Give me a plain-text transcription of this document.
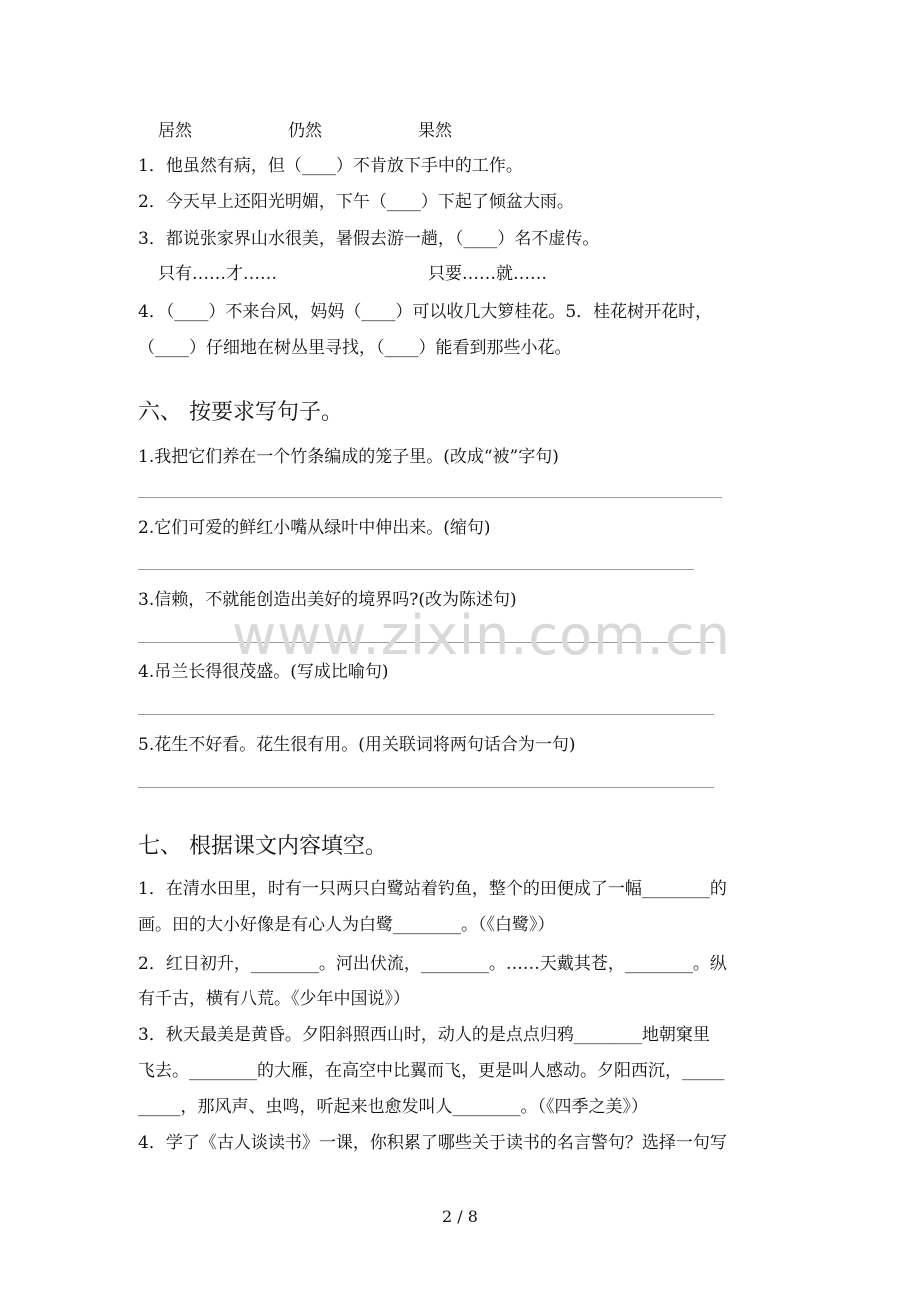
居然	仍然	果然
1．他虽然有病，但（____）不肯放下手中的工作。
2．今天早上还阳光明媚，下午（____）下起了倾盆大雨。
3．都说张家界山水很美，暑假去游一趟，（____）名不虚传。
只有……才……	只要……就……
4．（____）不来台风，妈妈（____）可以收几大箩桂花。5．桂花树开花时，
（____）仔细地在树丛里寻找，（____）能看到那些小花。
六、 按要求写句子。
1.我把它们养在一个竹条编成的笼子里。(改成“被”字句)
2.它们可爱的鲜红小嘴从绿叶中伸出来。(缩句)
3.信赖，不就能创造出美好的境界吗?(改为陈述句)
4.吊兰长得很茂盛。(写成比喻句)
5.花生不好看。花生很有用。(用关联词将两句话合为一句)
七、 根据课文内容填空。
1．在清水田里，时有一只两只白鹭站着钓鱼，整个的田便成了一幅________的
画。田的大小好像是有心人为白鹭________。（《白鹭》）
2．红日初升，________。河出伏流，________。……天戴其苍，________。纵
有千古，横有八荒。《少年中国说》）
3．秋天最美是黄昏。夕阳斜照西山时，动人的是点点归鸦________地朝窠里
飞去。________的大雁，在高空中比翼而飞，更是叫人感动。夕阳西沉，_____
_____，那风声、虫鸣，听起来也愈发叫人________。（《四季之美》）
4．学了《古人谈读书》一课，你积累了哪些关于读书的名言警句？选择一句写
www.zixin.com.cn
2 / 8
